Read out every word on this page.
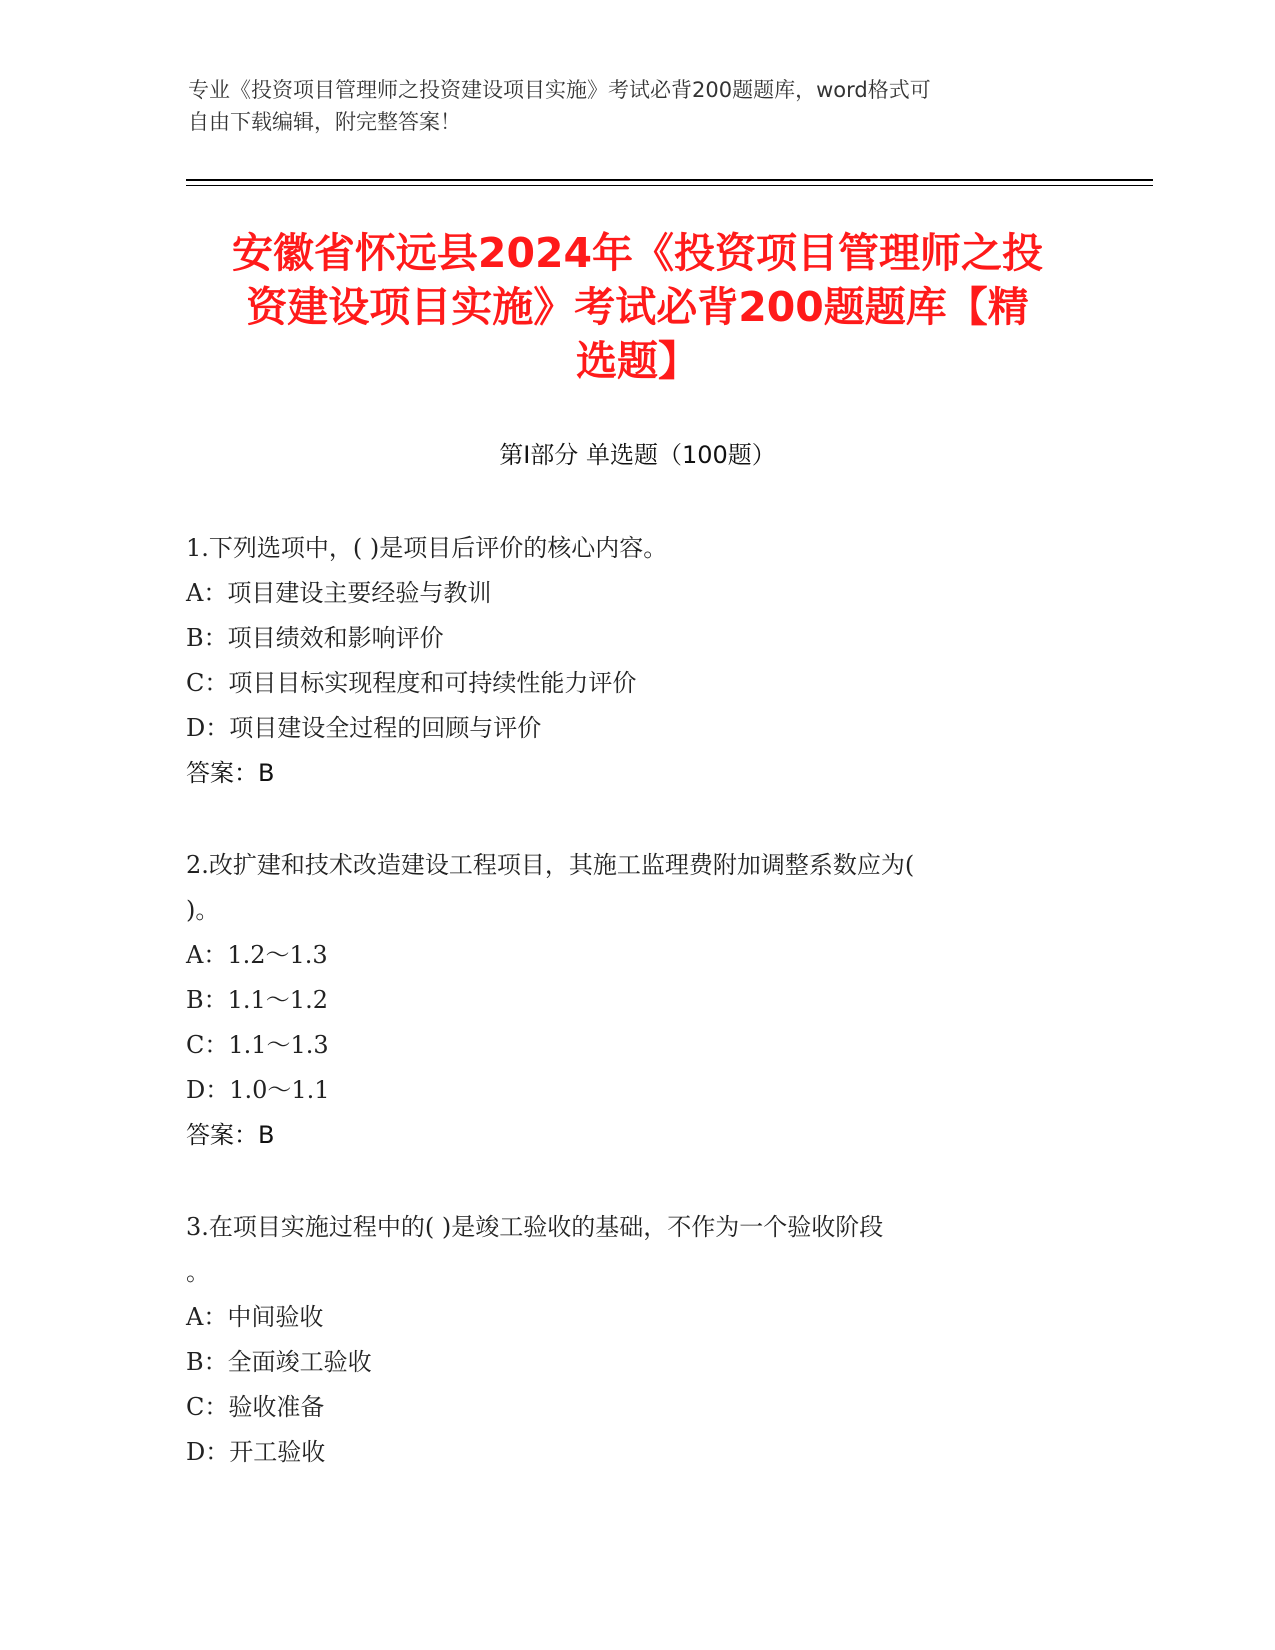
专业《投资项目管理师之投资建设项目实施》考试必背200题题库，word格式可
自由下载编辑，附完整答案！
安徽省怀远县2024年《投资项目管理师之投
资建设项目实施》考试必背200题题库【精
选题】
第I部分 单选题（100题）
1.下列选项中，( )是项目后评价的核心内容。
A：项目建设主要经验与教训
B：项目绩效和影响评价
C：项目目标实现程度和可持续性能力评价
D：项目建设全过程的回顾与评价
答案：B
2.改扩建和技术改造建设工程项目，其施工监理费附加调整系数应为(
)。
A：1.2～1.3
B：1.1～1.2
C：1.1～1.3
D：1.0～1.1
答案：B
3.在项目实施过程中的( )是竣工验收的基础，不作为一个验收阶段
。
A：中间验收
B：全面竣工验收
C：验收准备
D：开工验收
